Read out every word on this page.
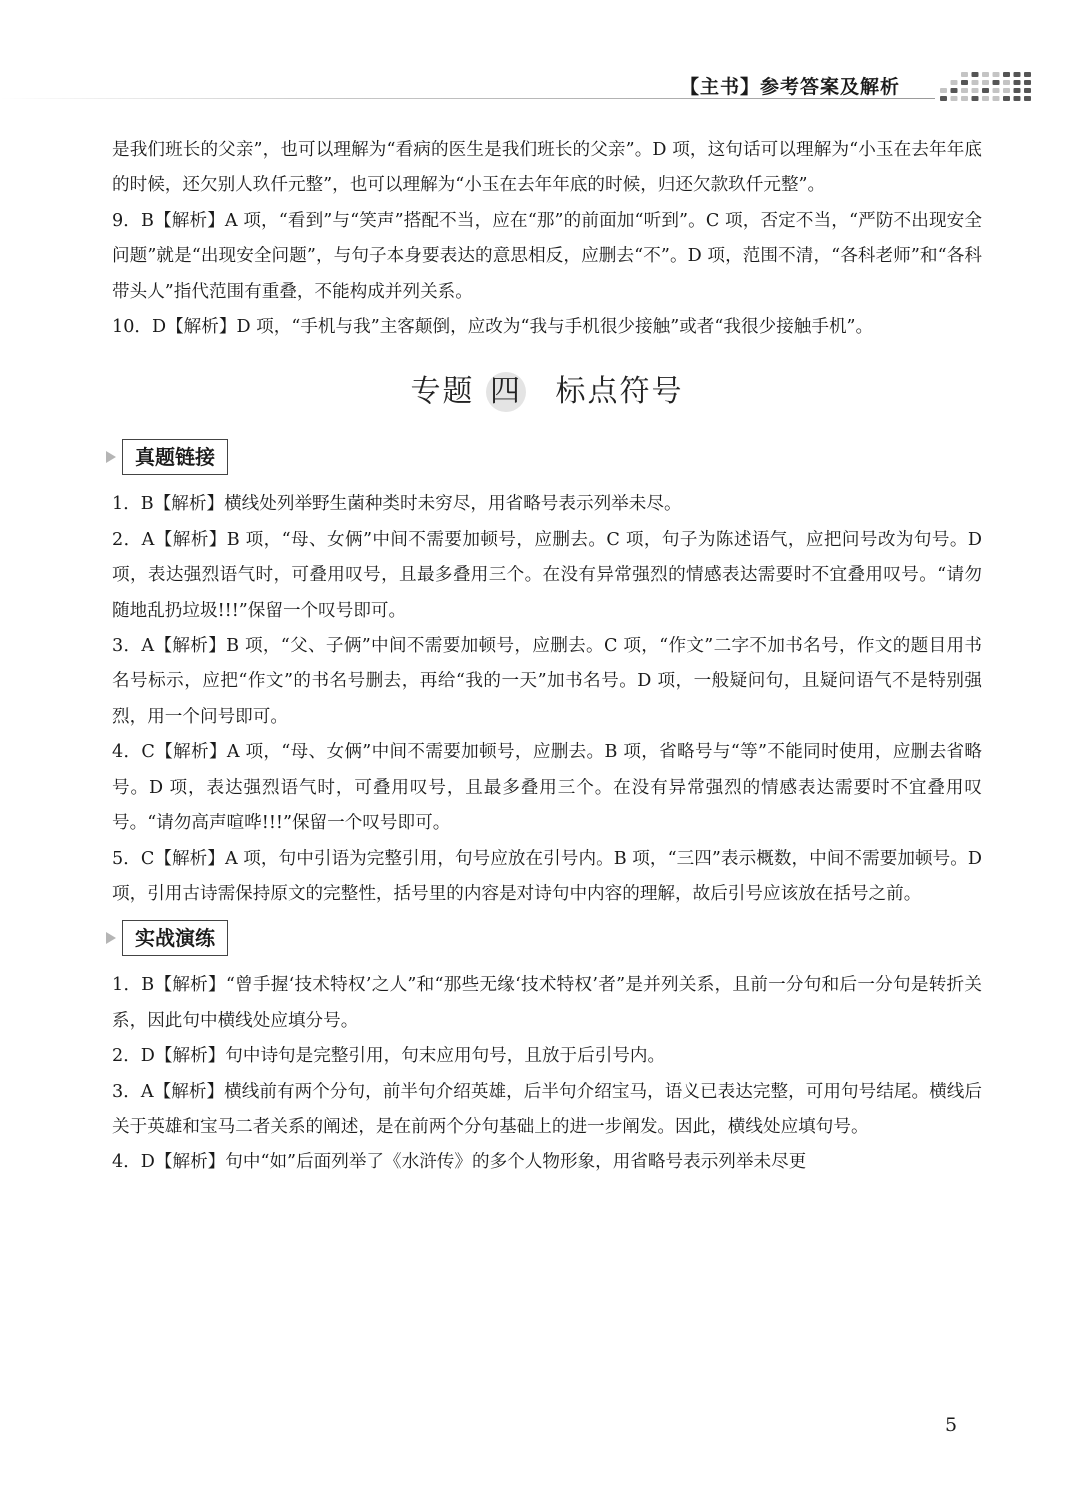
【主书】参考答案及解析

是我们班长的父亲”，也可以理解为“看病的医生是我们班长的父亲”。D 项，这句话可以理解为“小玉在去年年底的时候，还欠别人玖仟元整”，也可以理解为“小玉在去年年底的时候，归还欠款玖仟元整”。

9．B【解析】A 项，“看到”与“笑声”搭配不当，应在“那”的前面加“听到”。C 项，否定不当，“严防不出现安全问题”就是“出现安全问题”，与句子本身要表达的意思相反，应删去“不”。D 项，范围不清，“各科老师”和“各科带头人”指代范围有重叠，不能构成并列关系。

10．D【解析】D 项，“手机与我”主客颠倒，应改为“我与手机很少接触”或者“我很少接触手机”。

专题 四 标点符号
真题链接

1．B【解析】横线处列举野生菌种类时未穷尽，用省略号表示列举未尽。

2．A【解析】B 项，“母、女俩”中间不需要加顿号，应删去。C 项，句子为陈述语气，应把问号改为句号。D 项，表达强烈语气时，可叠用叹号，且最多叠用三个。在没有异常强烈的情感表达需要时不宜叠用叹号。“请勿随地乱扔垃圾!!!”保留一个叹号即可。

3．A【解析】B 项，“父、子俩”中间不需要加顿号，应删去。C 项，“作文”二字不加书名号，作文的题目用书名号标示，应把“作文”的书名号删去，再给“我的一天”加书名号。D 项，一般疑问句，且疑问语气不是特别强烈，用一个问号即可。

4．C【解析】A 项，“母、女俩”中间不需要加顿号，应删去。B 项，省略号与“等”不能同时使用，应删去省略号。D 项，表达强烈语气时，可叠用叹号，且最多叠用三个。在没有异常强烈的情感表达需要时不宜叠用叹号。“请勿高声喧哗!!!”保留一个叹号即可。

5．C【解析】A 项，句中引语为完整引用，句号应放在引号内。B 项，“三四”表示概数，中间不需要加顿号。D 项，引用古诗需保持原文的完整性，括号里的内容是对诗句中内容的理解，故后引号应该放在括号之前。

实战演练

1．B【解析】“曾手握‘技术特权’之人”和“那些无缘‘技术特权’者”是并列关系，且前一分句和后一分句是转折关系，因此句中横线处应填分号。

2．D【解析】句中诗句是完整引用，句末应用句号，且放于后引号内。

3．A【解析】横线前有两个分句，前半句介绍英雄，后半句介绍宝马，语义已表达完整，可用句号结尾。横线后关于英雄和宝马二者关系的阐述，是在前两个分句基础上的进一步阐发。因此，横线处应填句号。

4．D【解析】句中“如”后面列举了《水浒传》的多个人物形象，用省略号表示列举未尽更

5
